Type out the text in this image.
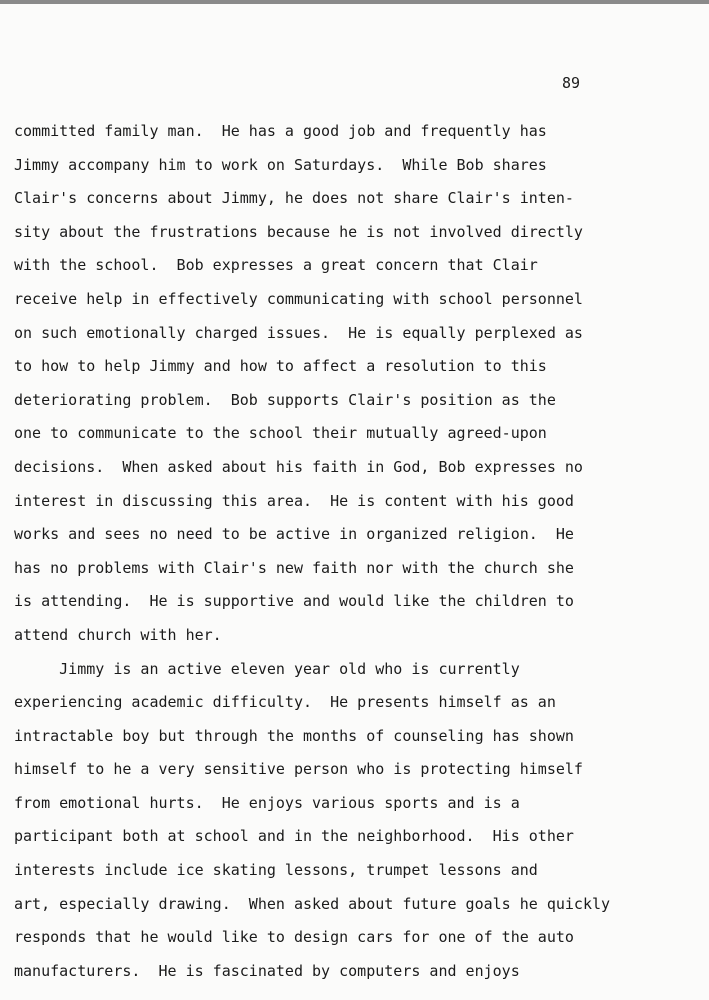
89
committed family man.  He has a good job and frequently has
Jimmy accompany him to work on Saturdays.  While Bob shares
Clair's concerns about Jimmy, he does not share Clair's inten-
sity about the frustrations because he is not involved directly
with the school.  Bob expresses a great concern that Clair
receive help in effectively communicating with school personnel
on such emotionally charged issues.  He is equally perplexed as
to how to help Jimmy and how to affect a resolution to this
deteriorating problem.  Bob supports Clair's position as the
one to communicate to the school their mutually agreed-upon
decisions.  When asked about his faith in God, Bob expresses no
interest in discussing this area.  He is content with his good
works and sees no need to be active in organized religion.  He
has no problems with Clair's new faith nor with the church she
is attending.  He is supportive and would like the children to
attend church with her.
Jimmy is an active eleven year old who is currently
experiencing academic difficulty.  He presents himself as an
intractable boy but through the months of counseling has shown
himself to he a very sensitive person who is protecting himself
from emotional hurts.  He enjoys various sports and is a
participant both at school and in the neighborhood.  His other
interests include ice skating lessons, trumpet lessons and
art, especially drawing.  When asked about future goals he quickly
responds that he would like to design cars for one of the auto
manufacturers.  He is fascinated by computers and enjoys
